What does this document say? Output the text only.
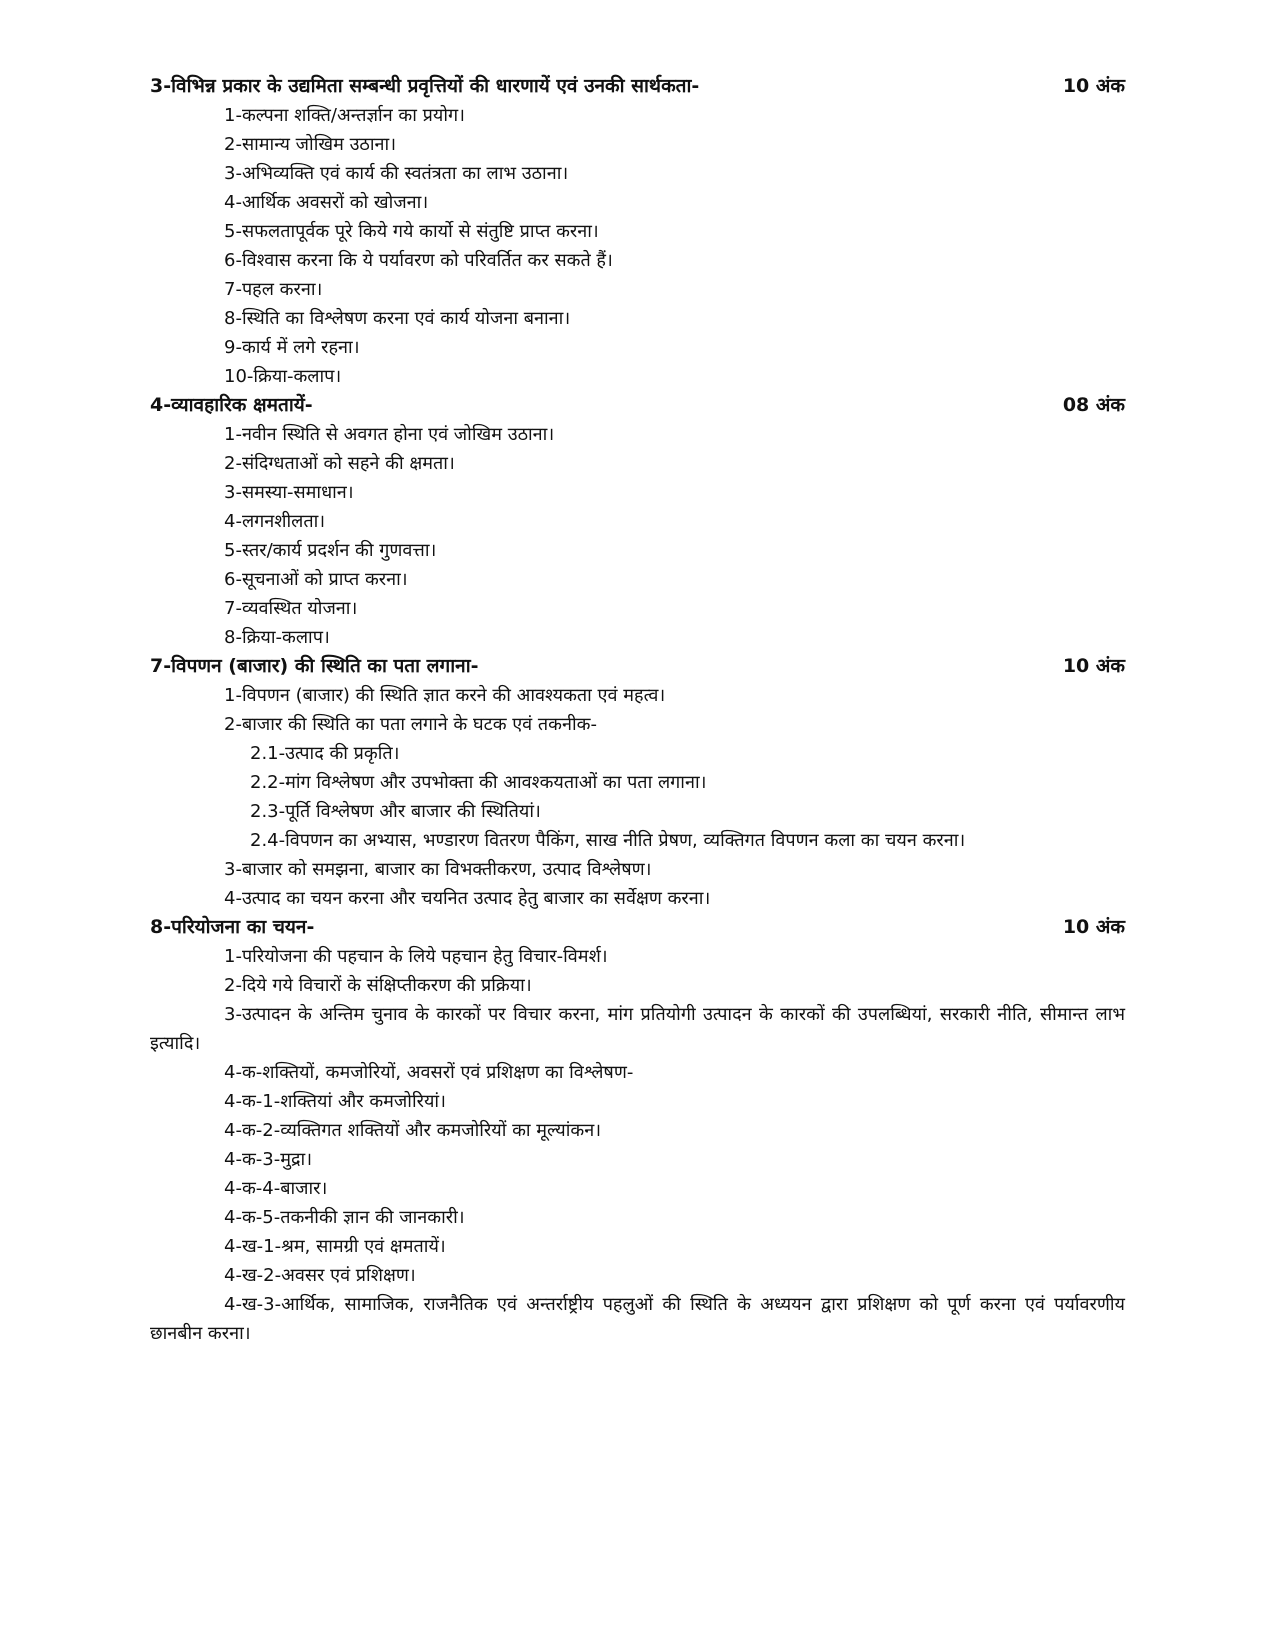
3-विभिन्न प्रकार के उद्यमिता सम्बन्धी प्रवृत्तियों की धारणायें एवं उनकी सार्थकता-	10 अंक
1-कल्पना शक्ति/अन्तर्ज्ञान का प्रयोग।
2-सामान्य जोखिम उठाना।
3-अभिव्यक्ति एवं कार्य की स्वतंत्रता का लाभ उठाना।
4-आर्थिक अवसरों को खोजना।
5-सफलतापूर्वक पूरे किये गये कार्यो से संतुष्टि प्राप्त करना।
6-विश्वास करना कि ये पर्यावरण को परिवर्तित कर सकते हैं।
7-पहल करना।
8-स्थिति का विश्लेषण करना एवं कार्य योजना बनाना।
9-कार्य में लगे रहना।
10-क्रिया-कलाप।
4-व्यावहारिक क्षमतायें-	08 अंक
1-नवीन स्थिति से अवगत होना एवं जोखिम उठाना।
2-संदिग्धताओं को सहने की क्षमता।
3-समस्या-समाधान।
4-लगनशीलता।
5-स्तर/कार्य प्रदर्शन की गुणवत्ता।
6-सूचनाओं को प्राप्त करना।
7-व्यवस्थित योजना।
8-क्रिया-कलाप।
7-विपणन (बाजार) की स्थिति का पता लगाना-	10 अंक
1-विपणन (बाजार) की स्थिति ज्ञात करने की आवश्यकता एवं महत्व।
2-बाजार की स्थिति का पता लगाने के घटक एवं तकनीक-
2.1-उत्पाद की प्रकृति।
2.2-मांग विश्लेषण और उपभोक्ता की आवश्कयताओं का पता लगाना।
2.3-पूर्ति विश्लेषण और बाजार की स्थितियां।
2.4-विपणन का अभ्यास, भण्डारण वितरण पैकिंग, साख नीति प्रेषण, व्यक्तिगत विपणन कला का चयन करना।
3-बाजार को समझना, बाजार का विभक्तीकरण, उत्पाद विश्लेषण।
4-उत्पाद का चयन करना और चयनित उत्पाद हेतु बाजार का सर्वेक्षण करना।
8-परियोजना का चयन-	10 अंक
1-परियोजना की पहचान के लिये पहचान हेतु विचार-विमर्श।
2-दिये गये विचारों के संक्षिप्तीकरण की प्रक्रिया।
3-उत्पादन के अन्तिम चुनाव के कारकों पर विचार करना, मांग प्रतियोगी उत्पादन के कारकों की उपलब्धियां, सरकारी नीति, सीमान्त लाभ इत्यादि।
4-क-शक्तियों, कमजोरियों, अवसरों एवं प्रशिक्षण का विश्लेषण-
4-क-1-शक्तियां और कमजोरियां।
4-क-2-व्यक्तिगत शक्तियों और कमजोरियों का मूल्यांकन।
4-क-3-मुद्रा।
4-क-4-बाजार।
4-क-5-तकनीकी ज्ञान की जानकारी।
4-ख-1-श्रम, सामग्री एवं क्षमतायें।
4-ख-2-अवसर एवं प्रशिक्षण।
4-ख-3-आर्थिक, सामाजिक, राजनैतिक एवं अन्तर्राष्ट्रीय पहलुओं की स्थिति के अध्ययन द्वारा प्रशिक्षण को पूर्ण करना एवं पर्यावरणीय छानबीन करना।
